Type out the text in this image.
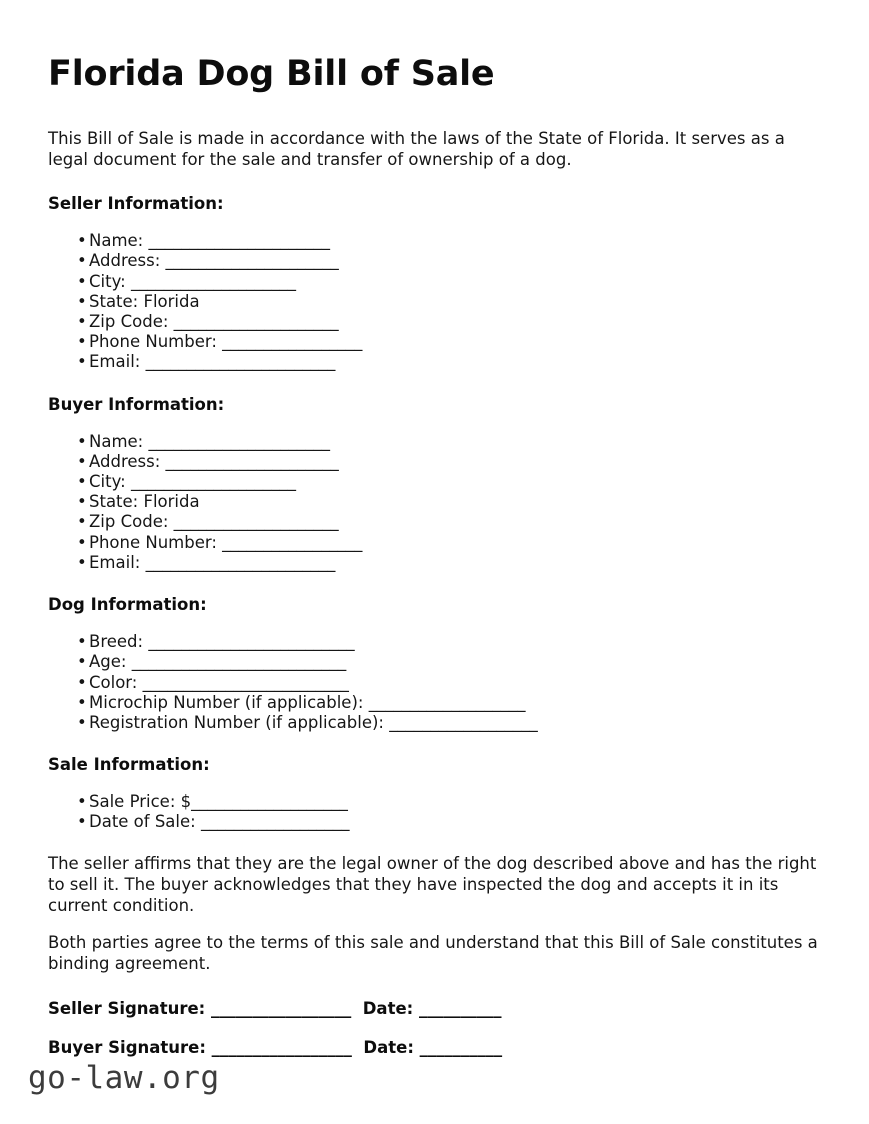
Florida Dog Bill of Sale

This Bill of Sale is made in accordance with the laws of the State of Florida. It serves as a legal document for the sale and transfer of ownership of a dog.

Seller Information:
• Name: ______________________
• Address: _____________________
• City: ____________________
• State: Florida
• Zip Code: ____________________
• Phone Number: _________________
• Email: _______________________
Buyer Information:
• Name: ______________________
• Address: _____________________
• City: ____________________
• State: Florida
• Zip Code: ____________________
• Phone Number: _________________
• Email: _______________________
Dog Information:
• Breed: _________________________
• Age: __________________________
• Color: _________________________
• Microchip Number (if applicable): ___________________
• Registration Number (if applicable): __________________
Sale Information:
• Sale Price: $___________________
• Date of Sale: __________________

The seller affirms that they are the legal owner of the dog described above and has the right to sell it. The buyer acknowledges that they have inspected the dog and accepts it in its current condition.

Both parties agree to the terms of this sale and understand that this Bill of Sale constitutes a binding agreement.

Seller Signature: _________________  Date: __________
Buyer Signature: _________________  Date: __________
go-law.org
